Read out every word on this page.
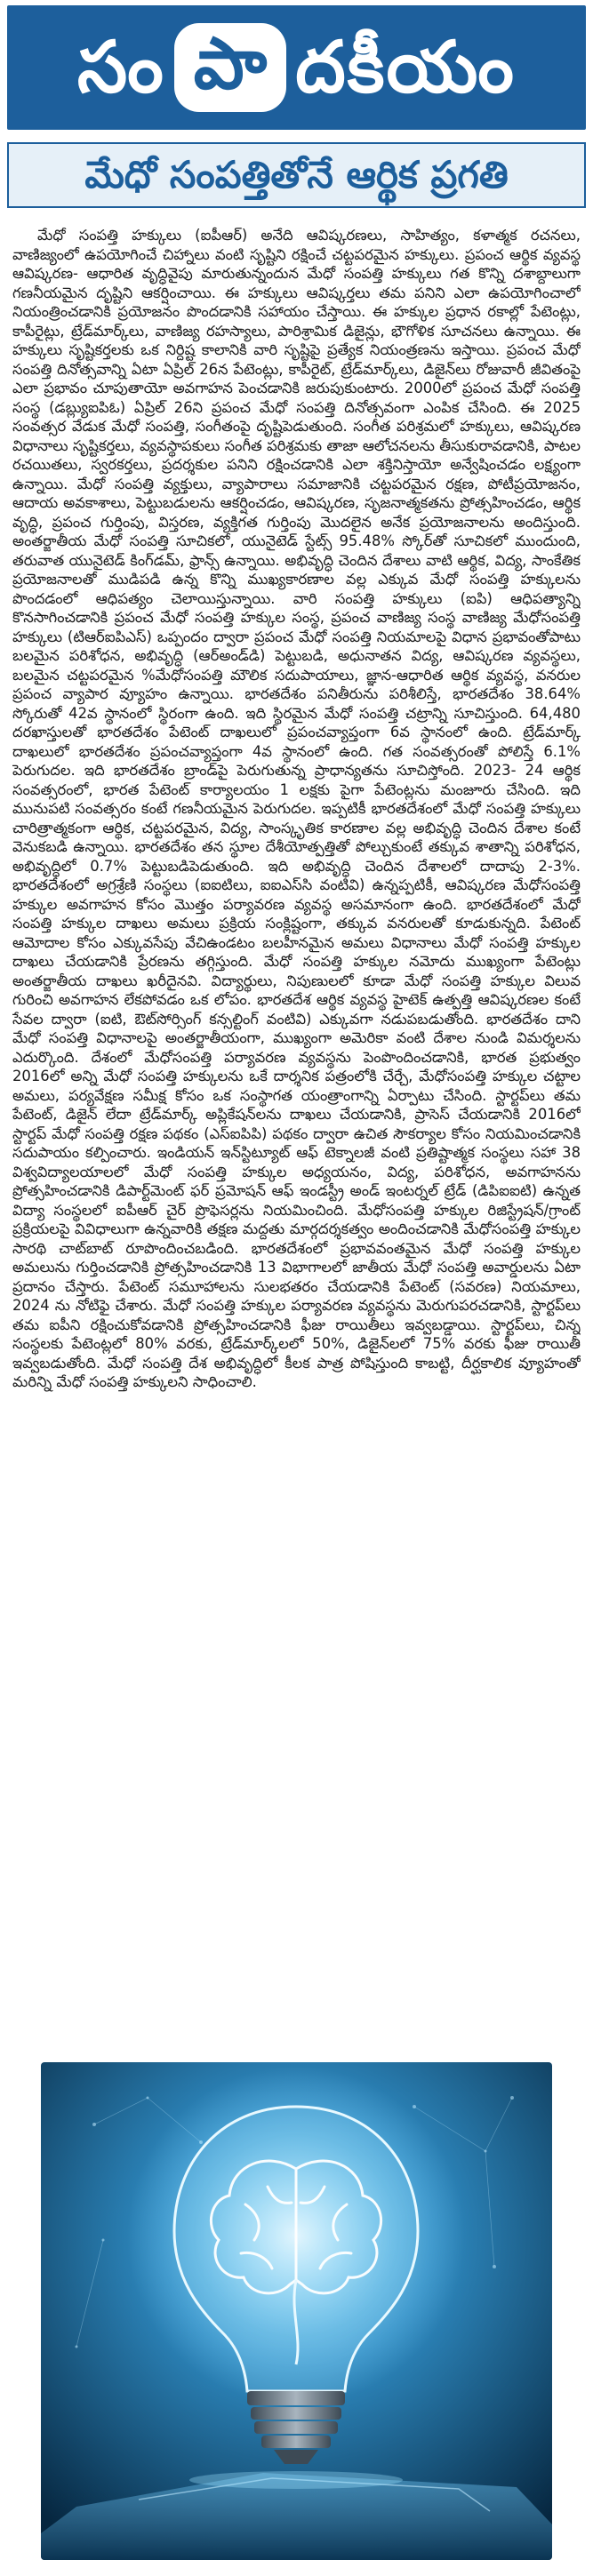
సం పా దకీయం
మేధో సంపత్తితోనే ఆర్థిక ప్రగతి

మేధో సంపత్తి హక్కులు (ఐపీఆర్) అనేది ఆవిష్కరణలు, సాహిత్యం, కళాత్మక రచనలు, వాణిజ్యంలో ఉపయోగించే చిహ్నాలు వంటి సృష్టిని రక్షించే చట్టపరమైన హక్కులు. ప్రపంచ ఆర్థిక వ్యవస్థ ఆవిష్కరణ- ఆధారిత వృద్ధివైపు మారుతున్నందున మేధో సంపత్తి హక్కులు గత కొన్ని దశాబ్దాలుగా గణనీయమైన దృష్టిని ఆకర్షించాయి. ఈ హక్కులు ఆవిష్కర్తలు తమ పనిని ఎలా ఉపయోగించాలో నియంత్రించడానికి ప్రయోజనం పొందడానికి సహాయం చేస్తాయి. ఈ హక్కుల ప్రధాన రకాల్లో పేటెంట్లు, కాపీరైట్లు, ట్రేడ్‌మార్క్‌లు, వాణిజ్య రహస్యాలు, పారిశ్రామిక డిజైన్లు, భౌగోళిక సూచనలు ఉన్నాయి. ఈ హక్కులు సృష్టికర్తలకు ఒక నిర్దిష్ట కాలానికి వారి సృష్టిపై ప్రత్యేక నియంత్రణను ఇస్తాయి. ప్రపంచ మేధో సంపత్తి దినోత్సవాన్ని ఏటా ఏప్రిల్ 26న పేటెంట్లు, కాపీరైట్, ట్రేడ్‌మార్క్‌లు, డిజైన్‌లు రోజువారీ జీవితంపై ఎలా ప్రభావం చూపుతాయో అవగాహన పెంచడానికి జరుపుకుంటారు. 2000లో ప్రపంచ మేధో సంపత్తి సంస్థ (డబ్ల్యుఐపిఓ) ఏప్రిల్ 26ని ప్రపంచ మేధో సంపత్తి దినోత్సవంగా ఎంపిక చేసింది. ఈ 2025 సంవత్సర వేడుక మేధో సంపత్తి, సంగీతంపై దృష్టిపెడుతుంది. సంగీత పరిశ్రమలో హక్కులు, ఆవిష్కరణ విధానాలు సృష్టికర్తలు, వ్యవస్థాపకులు సంగీత పరిశ్రమకు తాజా ఆలోచనలను తీసుకురావడానికి, పాటల రచయితలు, స్వరకర్తలు, ప్రదర్శకుల పనిని రక్షించడానికి ఎలా శక్తినిస్తాయో అన్వేషించడం లక్ష్యంగా ఉన్నాయి. మేధో సంపత్తి వ్యక్తులు, వ్యాపారాలు సమాజానికి చట్టపరమైన రక్షణ, పోటీప్రయోజనం, ఆదాయ అవకాశాలు, పెట్టుబడులను ఆకర్షించడం, ఆవిష్కరణ, సృజనాత్మకతను ప్రోత్సహించడం, ఆర్థిక వృద్ధి, ప్రపంచ గుర్తింపు, విస్తరణ, వ్యక్తిగత గుర్తింపు మొదలైన అనేక ప్రయోజనాలను అందిస్తుంది. అంతర్జాతీయ మేధో సంపత్తి సూచికలో, యునైటెడ్ స్టేట్స్ 95.48% స్కోర్‌తో సూచికలో ముందుంది, తరువాత యునైటెడ్ కింగ్‌డమ్, ఫ్రాన్స్ ఉన్నాయి. అభివృద్ధి చెందిన దేశాలు వాటి ఆర్థిక, విద్య, సాంకేతిక ప్రయోజనాలతో ముడిపడి ఉన్న కొన్ని ముఖ్యకారణాల వల్ల ఎక్కువ మేధో సంపత్తి హక్కులను పొందడంలో ఆధిపత్యం చెలాయిస్తున్నాయి. వారి సంపత్తి హక్కులు (ఐపి) ఆధిపత్యాన్ని కొనసాగించడానికి ప్రపంచ మేధో సంపత్తి హక్కుల సంస్థ, ప్రపంచ వాణిజ్య సంస్థ వాణిజ్య మేధోసంపత్తి హక్కులు (టిఆర్ఐపిఎస్) ఒప్పందం ద్వారా ప్రపంచ మేధో సంపత్తి నియమాలపై విధాన ప్రభావంతోపాటు బలమైన పరిశోధన, అభివృద్ధి (ఆర్అండ్‌డి) పెట్టుబడి, అధునాతన విద్య, ఆవిష్కరణ వ్యవస్థలు, బలమైన చట్టపరమైన %మేధోసంపత్తి మౌలిక సదుపాయాలు, జ్ఞాన-ఆధారిత ఆర్థిక వ్యవస్థ, వనరుల ప్రపంచ వ్యాపార వ్యూహం ఉన్నాయి. భారతదేశం పనితీరును పరిశీలిస్తే, భారతదేశం 38.64% స్కోరుతో 42వ స్థానంలో స్థిరంగా ఉంది. ఇది స్థిరమైన మేధో సంపత్తి చట్రాన్ని సూచిస్తుంది. 64,480 దరఖాస్తులతో భారతదేశం పేటెంట్ దాఖలులో ప్రపంచవ్యాప్తంగా 6వ స్థానంలో ఉంది. ట్రేడ్‌మార్క్ దాఖలులో భారతదేశం ప్రపంచవ్యాప్తంగా 4వ స్థానంలో ఉంది. గత సంవత్సరంతో పోలిస్తే 6.1% పెరుగుదల. ఇది భారతదేశం బ్రాండ్‌పై పెరుగుతున్న ప్రాధాన్యతను సూచిస్తోంది. 2023- 24 ఆర్థిక సంవత్సరంలో, భారత పేటెంట్ కార్యాలయం 1 లక్షకు పైగా పేటెంట్లను మంజూరు చేసింది. ఇది మునుపటి సంవత్సరం కంటే గణనీయమైన పెరుగుదల. ఇప్పటికీ భారతదేశంలో మేధో సంపత్తి హక్కులు చారిత్రాత్మకంగా ఆర్థిక, చట్టపరమైన, విద్య, సాంస్కృతిక కారణాల వల్ల అభివృద్ధి చెందిన దేశాల కంటే వెనుకబడి ఉన్నాయి. భారతదేశం తన స్థూల దేశీయోత్పత్తితో పోల్చుకుంటే తక్కువ శాతాన్ని పరిశోధన, అభివృద్ధిలో 0.7% పెట్టుబడిపెడుతుంది. ఇది అభివృద్ధి చెందిన దేశాలలో దాదాపు 2-3%. భారతదేశంలో అగ్రశ్రేణి సంస్థలు (ఐఐటిలు, ఐఐఎస్‌సి వంటివి) ఉన్నప్పటికీ, ఆవిష్కరణ మేధోసంపత్తి హక్కుల అవగాహన కోసం మొత్తం పర్యావరణ వ్యవస్థ అసమానంగా ఉంది. భారతదేశంలో మేధో సంపత్తి హక్కుల దాఖలు అమలు ప్రక్రియ సంక్లిష్టంగా, తక్కువ వనరులతో కూడుకున్నది. పేటెంట్ ఆమోదాల కోసం ఎక్కువసేపు వేచిఉండటం బలహీనమైన అమలు విధానాలు మేధో సంపత్తి హక్కుల దాఖలు చేయడానికి ప్రేరణను తగ్గిస్తుంది. మేధో సంపత్తి హక్కుల నమోదు ముఖ్యంగా పేటెంట్లు అంతర్జాతీయ దాఖలు ఖరీదైనవి. విద్యార్థులు, నిపుణులలో కూడా మేధో సంపత్తి హక్కుల విలువ గురించి అవగాహన లేకపోవడం ఒక లోపం. భారతదేశ ఆర్థిక వ్యవస్థ హైటెక్ ఉత్పత్తి ఆవిష్కరణల కంటే సేవల ద్వారా (ఐటి, ఔట్‌సోర్సింగ్ కన్సల్టింగ్ వంటివి) ఎక్కువగా నడుపబడుతోంది. భారతదేశం దాని మేధో సంపత్తి విధానాలపై అంతర్జాతీయంగా, ముఖ్యంగా అమెరికా వంటి దేశాల నుండి విమర్శలను ఎదుర్కొంది. దేశంలో మేధోసంపత్తి పర్యావరణ వ్యవస్థను పెంపొందించడానికి, భారత ప్రభుత్వం 2016లో అన్ని మేధో సంపత్తి హక్కులను ఒకే దార్శనిక పత్రంలోకి చేర్చే, మేధోసంపత్తి హక్కుల చట్టాల అమలు, పర్యవేక్షణ సమీక్ష కోసం ఒక సంస్థాగత యంత్రాంగాన్ని ఏర్పాటు చేసింది. స్టార్టప్‌లు తమ పేటెంట్, డిజైన్ లేదా ట్రేడ్‌మార్క్ అప్లికేషన్‌లను దాఖలు చేయడానికి, ప్రాసెస్ చేయడానికి 2016లో స్టార్టప్ మేధో సంపత్తి రక్షణ పథకం (ఎస్ఐపిపి) పథకం ద్వారా ఉచిత సౌకర్యాల కోసం నియమించడానికి సదుపాయం కల్పించారు. ఇండియన్ ఇన్‌స్టిట్యూట్ ఆఫ్ టెక్నాలజీ వంటి ప్రతిష్టాత్మక సంస్థలు సహా 38 విశ్వవిద్యాలయాలలో మేధో సంపత్తి హక్కుల అధ్యయనం, విద్య, పరిశోధన, అవగాహనను ప్రోత్సహించడానికి డిపార్ట్‌మెంట్ ఫర్ ప్రమోషన్ ఆఫ్ ఇండస్ట్రీ అండ్ ఇంటర్నల్ ట్రేడ్ (డిపిఐఐటి) ఉన్నత విద్యా సంస్థలలో ఐపీఆర్ చైర్ ప్రొఫెసర్లను నియమించింది. మేధోసంపత్తి హక్కుల రిజిస్ట్రేషన్/గ్రాంట్ ప్రక్రియలపై వివిధాలుగా ఉన్నవారికి తక్షణ మద్దతు మార్గదర్శకత్వం అందించడానికి మేధోసంపత్తి హక్కుల సారథి చాట్‌బాట్ రూపొందించబడింది. భారతదేశంలో ప్రభావవంతమైన మేధో సంపత్తి హక్కుల అమలును గుర్తించడానికి ప్రోత్సహించడానికి 13 విభాగాలలో జాతీయ మేధో సంపత్తి అవార్డులను ఏటా ప్రదానం చేస్తారు. పేటెంట్ సమూహాలను సులభతరం చేయడానికి పేటెంట్ (సవరణ) నియమాలు, 2024 ను నోటిఫై చేశారు. మేధో సంపత్తి హక్కుల పర్యావరణ వ్యవస్థను మెరుగుపరచడానికి, స్టార్టప్‌లు తమ ఐపీని రక్షించుకోవడానికి ప్రోత్సహించడానికి ఫీజు రాయితీలు ఇవ్వబడ్డాయి. స్టార్టప్‌లు, చిన్న సంస్థలకు పేటెంట్లలో 80% వరకు, ట్రేడ్‌మార్క్‌లలో 50%, డిజైన్‌లలో 75% వరకు ఫీజు రాయితీ ఇవ్వబడుతోంది. మేధో సంపత్తి దేశ అభివృద్ధిలో కీలక పాత్ర పోషిస్తుంది కాబట్టి, దీర్ఘకాలిక వ్యూహంతో మరిన్ని మేధో సంపత్తి హక్కులని సాధించాలి.
